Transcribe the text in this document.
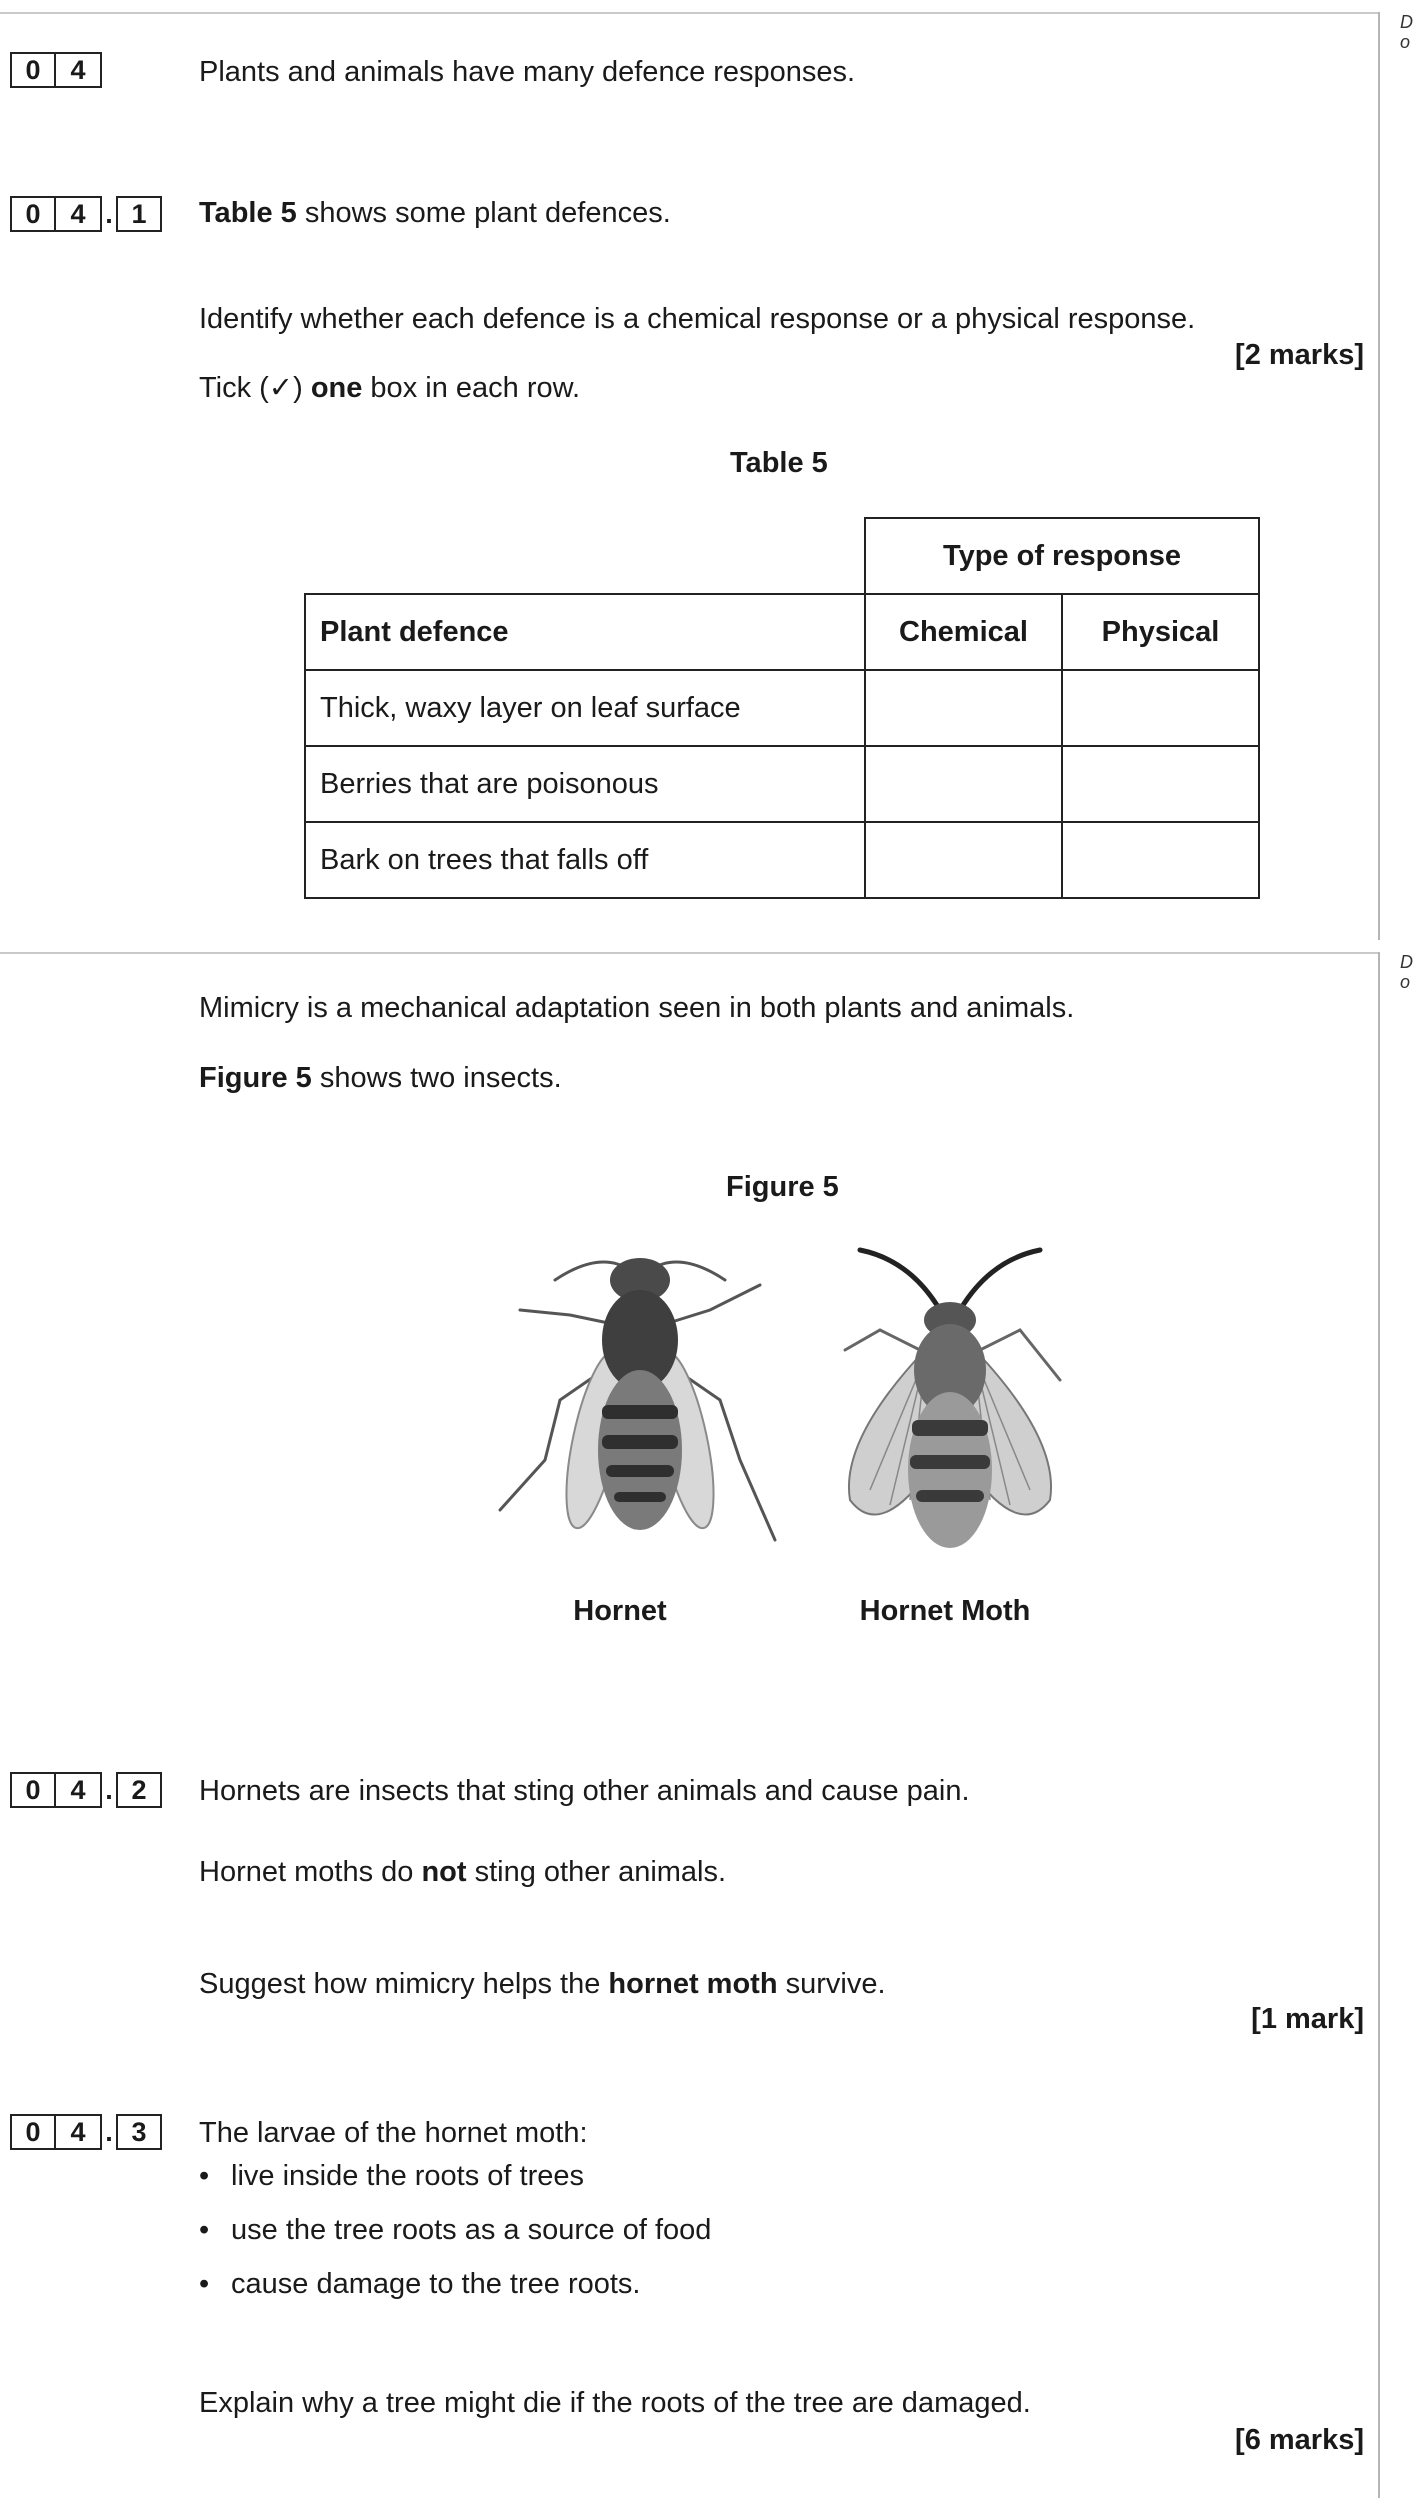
D
o
D
o
0	4	Plants and animals have many defence responses.
0	4 . 1	Table 5 shows some plant defences.
Identify whether each defence is a chemical response or a physical response.
[2 marks]
Tick (✓) one box in each row.
Table 5
	Type of response	
Plant defence	Chemical	Physical
Thick, waxy layer on leaf surface		
Berries that are poisonous		
Bark on trees that falls off		
Mimicry is a mechanical adaptation seen in both plants and animals.
Figure 5 shows two insects.
Figure 5
Hornet	Hornet Moth
0	4 . 2	Hornets are insects that sting other animals and cause pain.
Hornet moths do not sting other animals.
Suggest how mimicry helps the hornet moth survive.
[1 mark]
0	4 . 3	The larvae of the hornet moth:
• live inside the roots of trees
• use the tree roots as a source of food
• cause damage to the tree roots.
Explain why a tree might die if the roots of the tree are damaged.
[6 marks]
